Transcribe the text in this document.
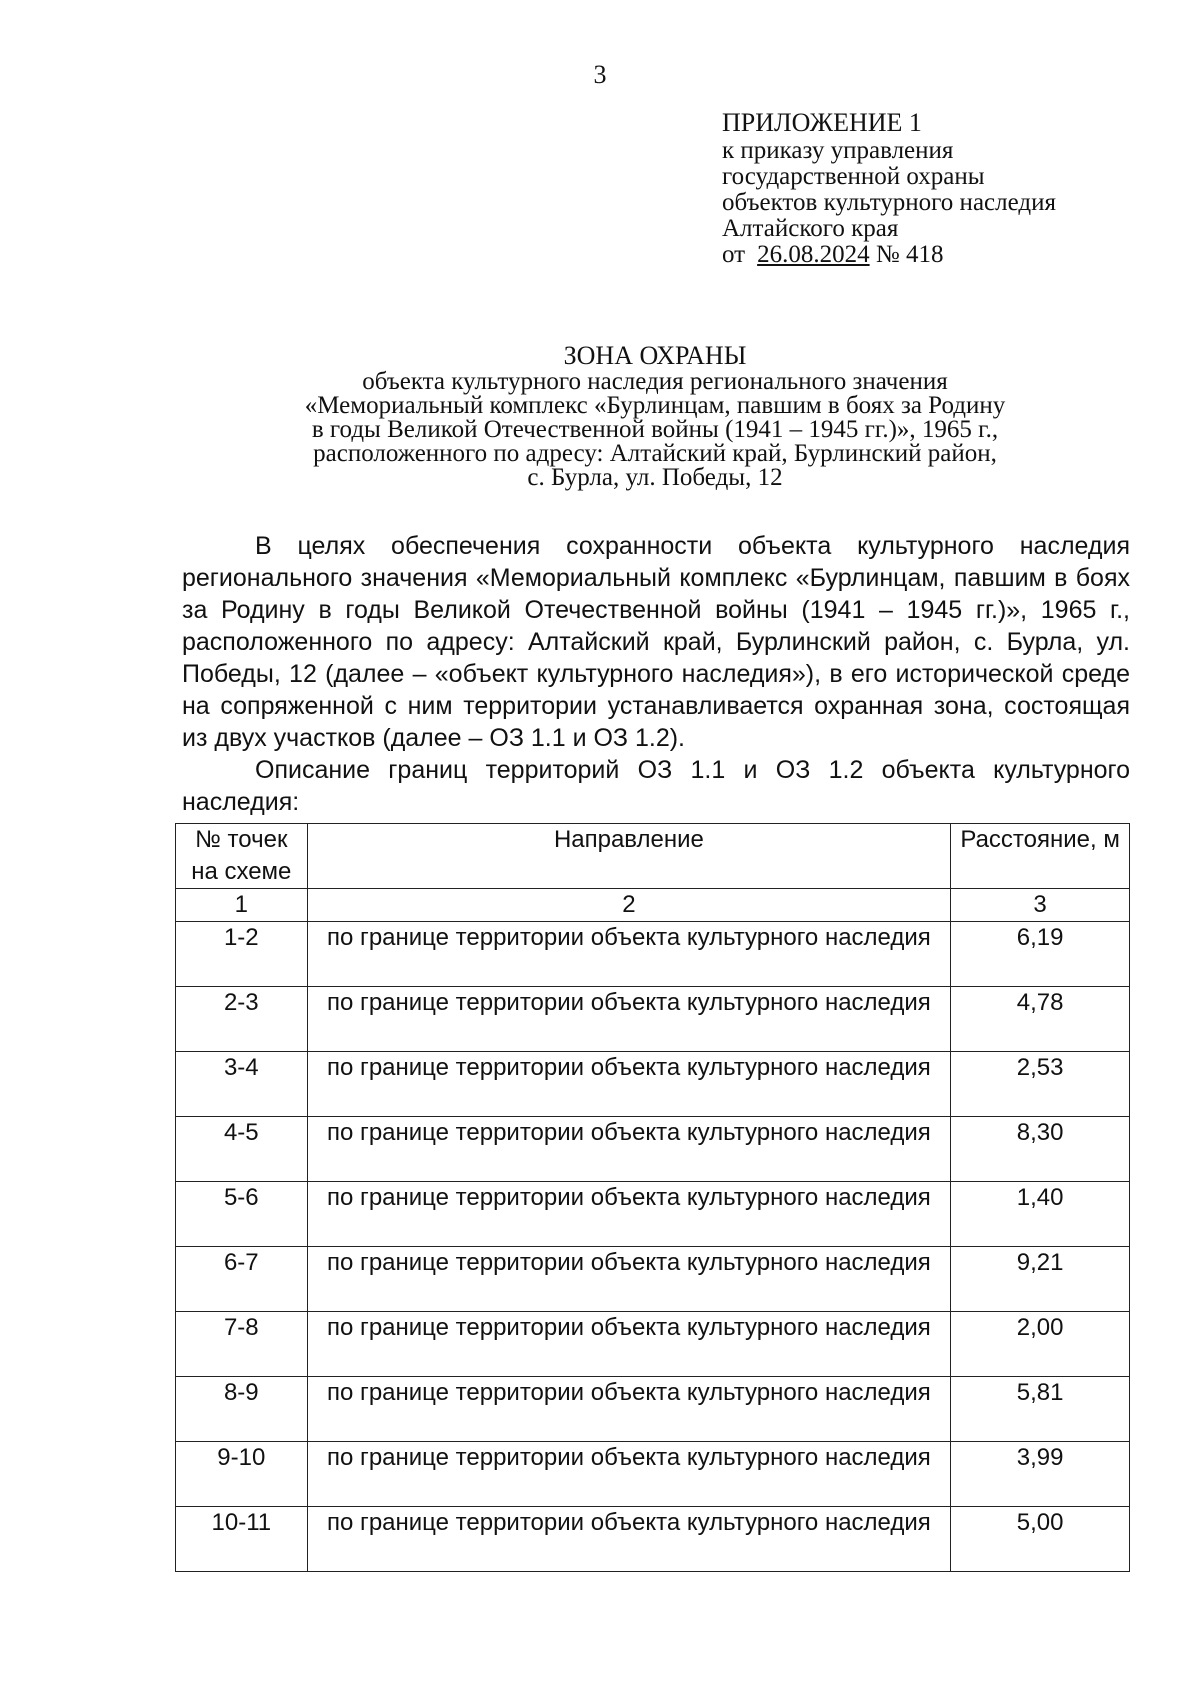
3
ПРИЛОЖЕНИЕ 1
к приказу управления
государственной охраны
объектов культурного наследия
Алтайского края
от 26.08.2024 № 418
ЗОНА ОХРАНЫ
объекта культурного наследия регионального значения
«Мемориальный комплекс «Бурлинцам, павшим в боях за Родину
в годы Великой Отечественной войны (1941 – 1945 гг.)», 1965 г.,
расположенного по адресу: Алтайский край, Бурлинский район,
с. Бурла, ул. Победы, 12

В целях обеспечения сохранности объекта культурного наследия регионального значения «Мемориальный комплекс «Бурлинцам, павшим в боях за Родину в годы Великой Отечественной войны (1941 – 1945 гг.)», 1965 г., расположенного по адресу: Алтайский край, Бурлинский район, с. Бурла, ул. Победы, 12 (далее – «объект культурного наследия»), в его исторической среде на сопряженной с ним территории устанавливается охранная зона, состоящая из двух участков (далее – ОЗ 1.1 и ОЗ 1.2).

Описание границ территорий ОЗ 1.1 и ОЗ 1.2 объекта культурного наследия:

№ точек на схеме	Направление	Расстояние, м
1	2	3
1-2	по границе территории объекта культурного наследия	6,19
2-3	по границе территории объекта культурного наследия	4,78
3-4	по границе территории объекта культурного наследия	2,53
4-5	по границе территории объекта культурного наследия	8,30
5-6	по границе территории объекта культурного наследия	1,40
6-7	по границе территории объекта культурного наследия	9,21
7-8	по границе территории объекта культурного наследия	2,00
8-9	по границе территории объекта культурного наследия	5,81
9-10	по границе территории объекта культурного наследия	3,99
10-11	по границе территории объекта культурного наследия	5,00
